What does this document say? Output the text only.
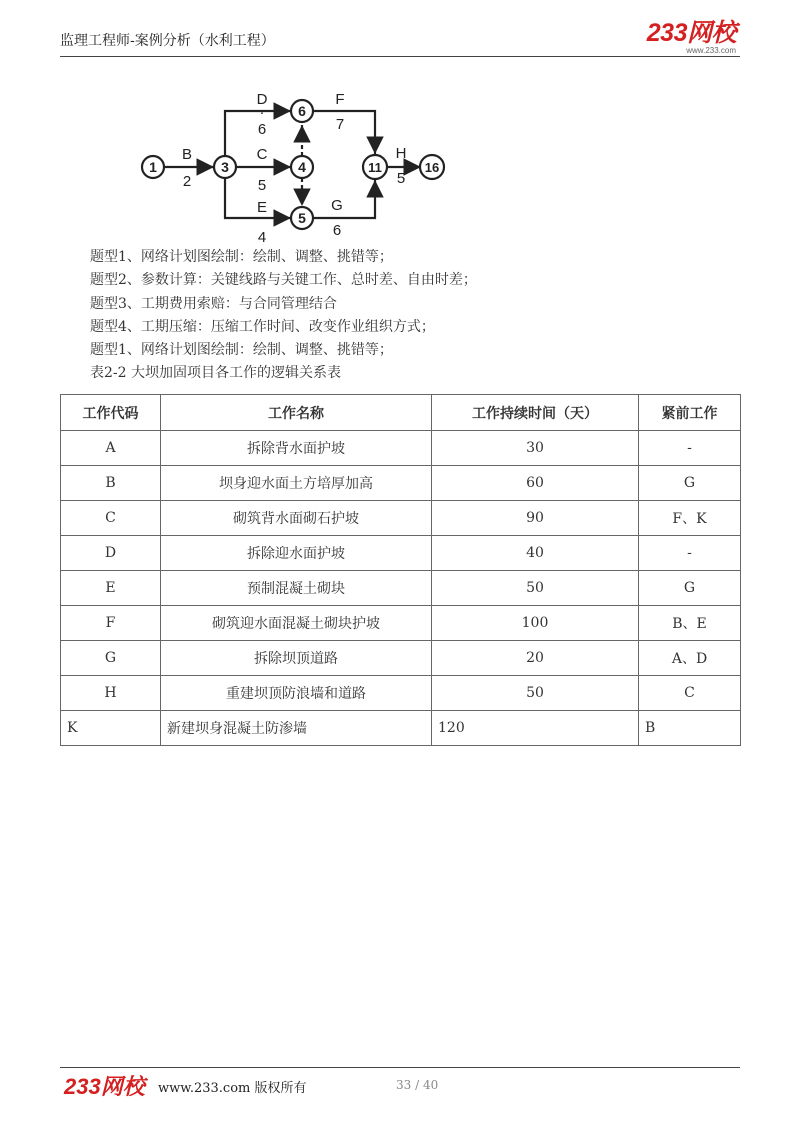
监理工程师-案例分析（水利工程）	233网校
www.233.com
1	3	4
5
6
11	16
B
2
D
·
6
C
5
E
4
F
7
G
6
H
5
题型1、网络计划图绘制：绘制、调整、挑错等；
题型2、参数计算：关键线路与关键工作、总时差、自由时差；
题型3、工期费用索赔：与合同管理结合
题型4、工期压缩：压缩工作时间、改变作业组织方式；
题型1、网络计划图绘制：绘制、调整、挑错等；
表2-2 大坝加固项目各工作的逻辑关系表
工作代码	工作名称	工作持续时间（天）	紧前工作
A	拆除背水面护坡	30	-
B	坝身迎水面土方培厚加高	60	G
C	砌筑背水面砌石护坡	90	F、K
D	拆除迎水面护坡	40	-
E	预制混凝土砌块	50	G
F	砌筑迎水面混凝土砌块护坡	100	B、E
G	拆除坝顶道路	20	A、D
H	重建坝顶防浪墙和道路	50	C
K	新建坝身混凝土防渗墙	120	B
233网校 www.233.com 版权所有	33 / 40
